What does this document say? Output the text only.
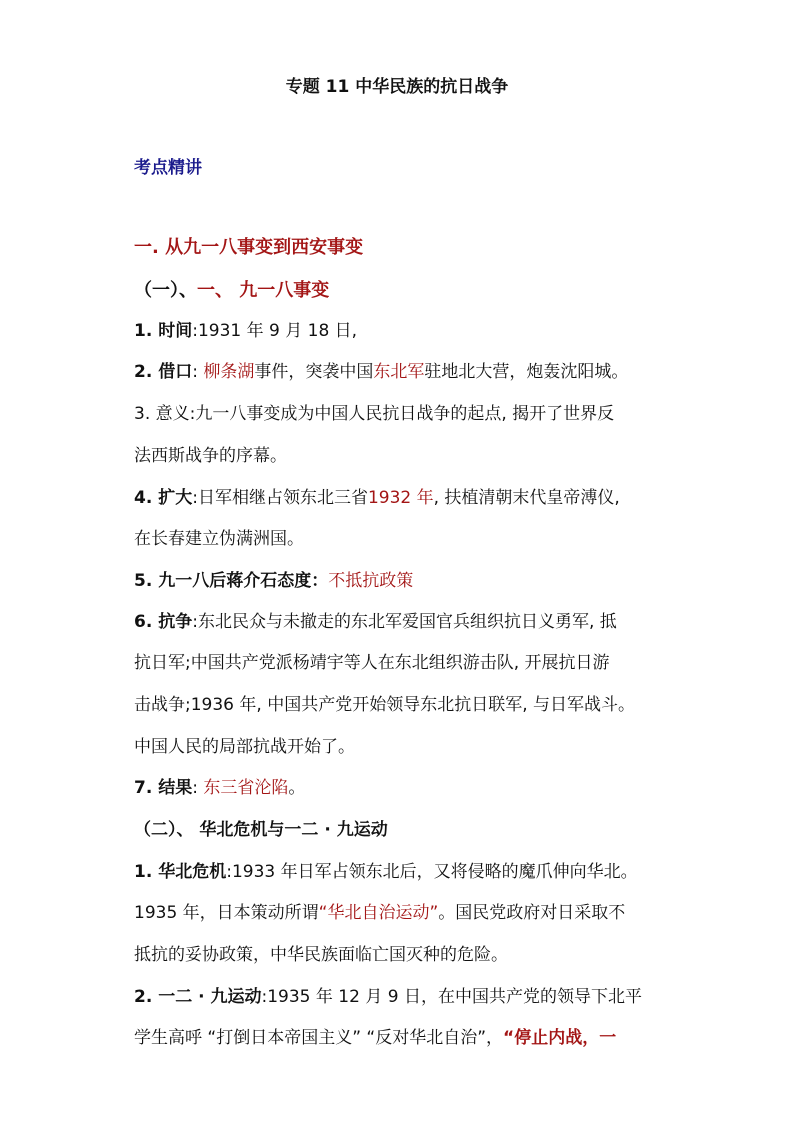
专题 11 中华民族的抗日战争
考点精讲
一. 从九一八事变到西安事变
（一）、一、 九一八事变
1. 时间:1931 年 9 月 18 日,
2. 借口: 柳条湖事件，突袭中国东北军驻地北大营，炮轰沈阳城。
3. 意义:九一八事变成为中国人民抗日战争的起点, 揭开了世界反
法西斯战争的序幕。
4. 扩大:日军相继占领东北三省1932 年, 扶植清朝末代皇帝溥仪,
在长春建立伪满洲国。
5. 九一八后蒋介石态度：不抵抗政策
6. 抗争:东北民众与未撤走的东北军爱国官兵组织抗日义勇军, 抵
抗日军;中国共产党派杨靖宇等人在东北组织游击队, 开展抗日游
击战争;1936 年, 中国共产党开始领导东北抗日联军, 与日军战斗。
中国人民的局部抗战开始了。
7. 结果: 东三省沦陷。
（二）、 华北危机与一二 · 九运动
1. 华北危机:1933 年日军占领东北后，又将侵略的魔爪伸向华北。
1935 年，日本策动所谓“华北自治运动”。国民党政府对日采取不
抵抗的妥协政策，中华民族面临亡国灭种的危险。
2. 一二 · 九运动:1935 年 12 月 9 日，在中国共产党的领导下北平
学生高呼 “打倒日本帝国主义” “反对华北自治”，“停止内战，一
